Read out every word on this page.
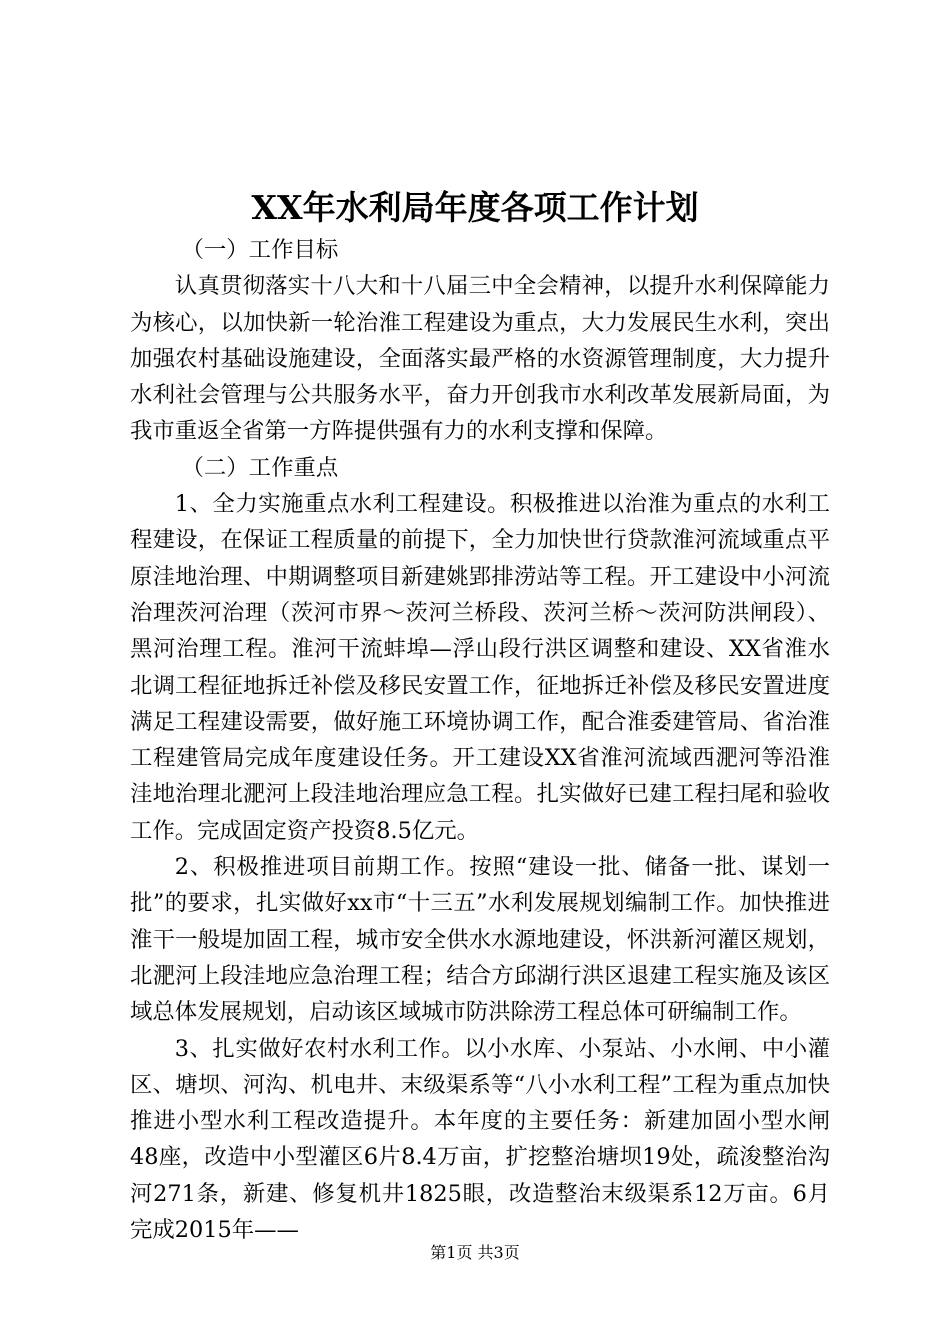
XX年水利局年度各项工作计划

（一）工作目标

认真贯彻落实十八大和十八届三中全会精神，以提升水利保障能力为核心，以加快新一轮治淮工程建设为重点，大力发展民生水利，突出加强农村基础设施建设，全面落实最严格的水资源管理制度，大力提升水利社会管理与公共服务水平，奋力开创我市水利改革发展新局面，为我市重返全省第一方阵提供强有力的水利支撑和保障。

（二）工作重点

1、全力实施重点水利工程建设。积极推进以治淮为重点的水利工程建设，在保证工程质量的前提下，全力加快世行贷款淮河流域重点平原洼地治理、中期调整项目新建姚郢排涝站等工程。开工建设中小河流治理茨河治理（茨河市界～茨河兰桥段、茨河兰桥～茨河防洪闸段）、黑河治理工程。淮河干流蚌埠—浮山段行洪区调整和建设、XX省淮水北调工程征地拆迁补偿及移民安置工作，征地拆迁补偿及移民安置进度满足工程建设需要，做好施工环境协调工作，配合淮委建管局、省治淮工程建管局完成年度建设任务。开工建设XX省淮河流域西淝河等沿淮洼地治理北淝河上段洼地治理应急工程。扎实做好已建工程扫尾和验收工作。完成固定资产投资8.5亿元。

2、积极推进项目前期工作。按照“建设一批、储备一批、谋划一批”的要求，扎实做好xx市“十三五”水利发展规划编制工作。加快推进淮干一般堤加固工程，城市安全供水水源地建设，怀洪新河灌区规划，北淝河上段洼地应急治理工程；结合方邱湖行洪区退建工程实施及该区域总体发展规划，启动该区域城市防洪除涝工程总体可研编制工作。

3、扎实做好农村水利工作。以小水库、小泵站、小水闸、中小灌区、塘坝、河沟、机电井、末级渠系等“八小水利工程”工程为重点加快推进小型水利工程改造提升。本年度的主要任务：新建加固小型水闸48座，改造中小型灌区6片8.4万亩，扩挖整治塘坝19处，疏浚整治沟河271条，新建、修复机井1825眼，改造整治末级渠系12万亩。6月完成2015年——

第1页 共3页
